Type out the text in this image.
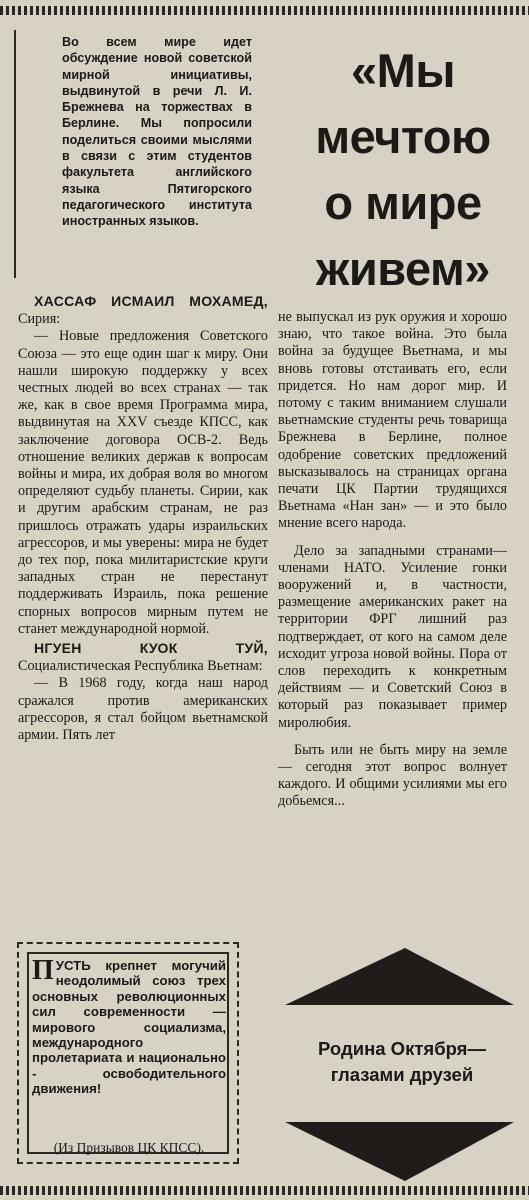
Во всем мире идет обсуждение новой советской мирной инициативы, выдвинутой в речи Л. И. Брежнева на торжествах в Берлине. Мы попросили поделиться своими мыслями в связи с этим студентов факультета английского языка Пятигорского педагогического института иностранных языков.

«Мы
мечтою
о мире
живем»
ХАССАФ ИСМАИЛ МОХАМЕД, Сирия:
— Новые предложения Советского Союза — это еще один шаг к миру. Они нашли широкую поддержку у всех честных людей во всех странах — так же, как в свое время Программа мира, выдвинутая на XXV съезде КПСС, как заключение договора ОСВ-2. Ведь отношение великих держав к вопросам войны и мира, их добрая воля во многом определяют судьбу планеты. Сирии, как и другим арабским странам, не раз пришлось отражать удары израильских агрессоров, и мы уверены: мира не будет до тех пор, пока милитаристские круги западных стран не перестанут поддерживать Израиль, пока решение спорных вопросов мирным путем не станет международной нормой.
НГУЕН КУОК ТУЙ, Социалистическая Республика Вьетнам:
— В 1968 году, когда наш народ сражался против американских агрессоров, я стал бойцом вьетнамской армии. Пять лет

не выпускал из рук оружия и хорошо знаю, что такое война. Это была война за будущее Вьетнама, и мы вновь готовы отстаивать его, если придется. Но нам дорог мир. И потому с таким вниманием слушали вьетнамские студенты речь товарища Брежнева в Берлине, полное одобрение советских предложений высказывалось на страницах органа печати ЦК Партии трудящихся Вьетнама «Нан зан» — и это было мнение всего народа.

Дело за западными странами—членами НАТО. Усиление гонки вооружений и, в частности, размещение американских ракет на территории ФРГ лишний раз подтверждает, от кого на самом деле исходит угроза новой войны. Пора от слов переходить к конкретным действиям — и Советский Союз в который раз показывает пример миролюбия.

Быть или не быть миру на земле — сегодня этот вопрос волнует каждого. И общими усилиями мы его добьемся...

ПУСТЬ крепнет могучий неодолимый союз трех основных революционных сил современности — мирового социализма, международного пролетариата и национально - освободительного движения!

(Из Призывов ЦК КПСС).

Родина Октября—
глазами друзей
